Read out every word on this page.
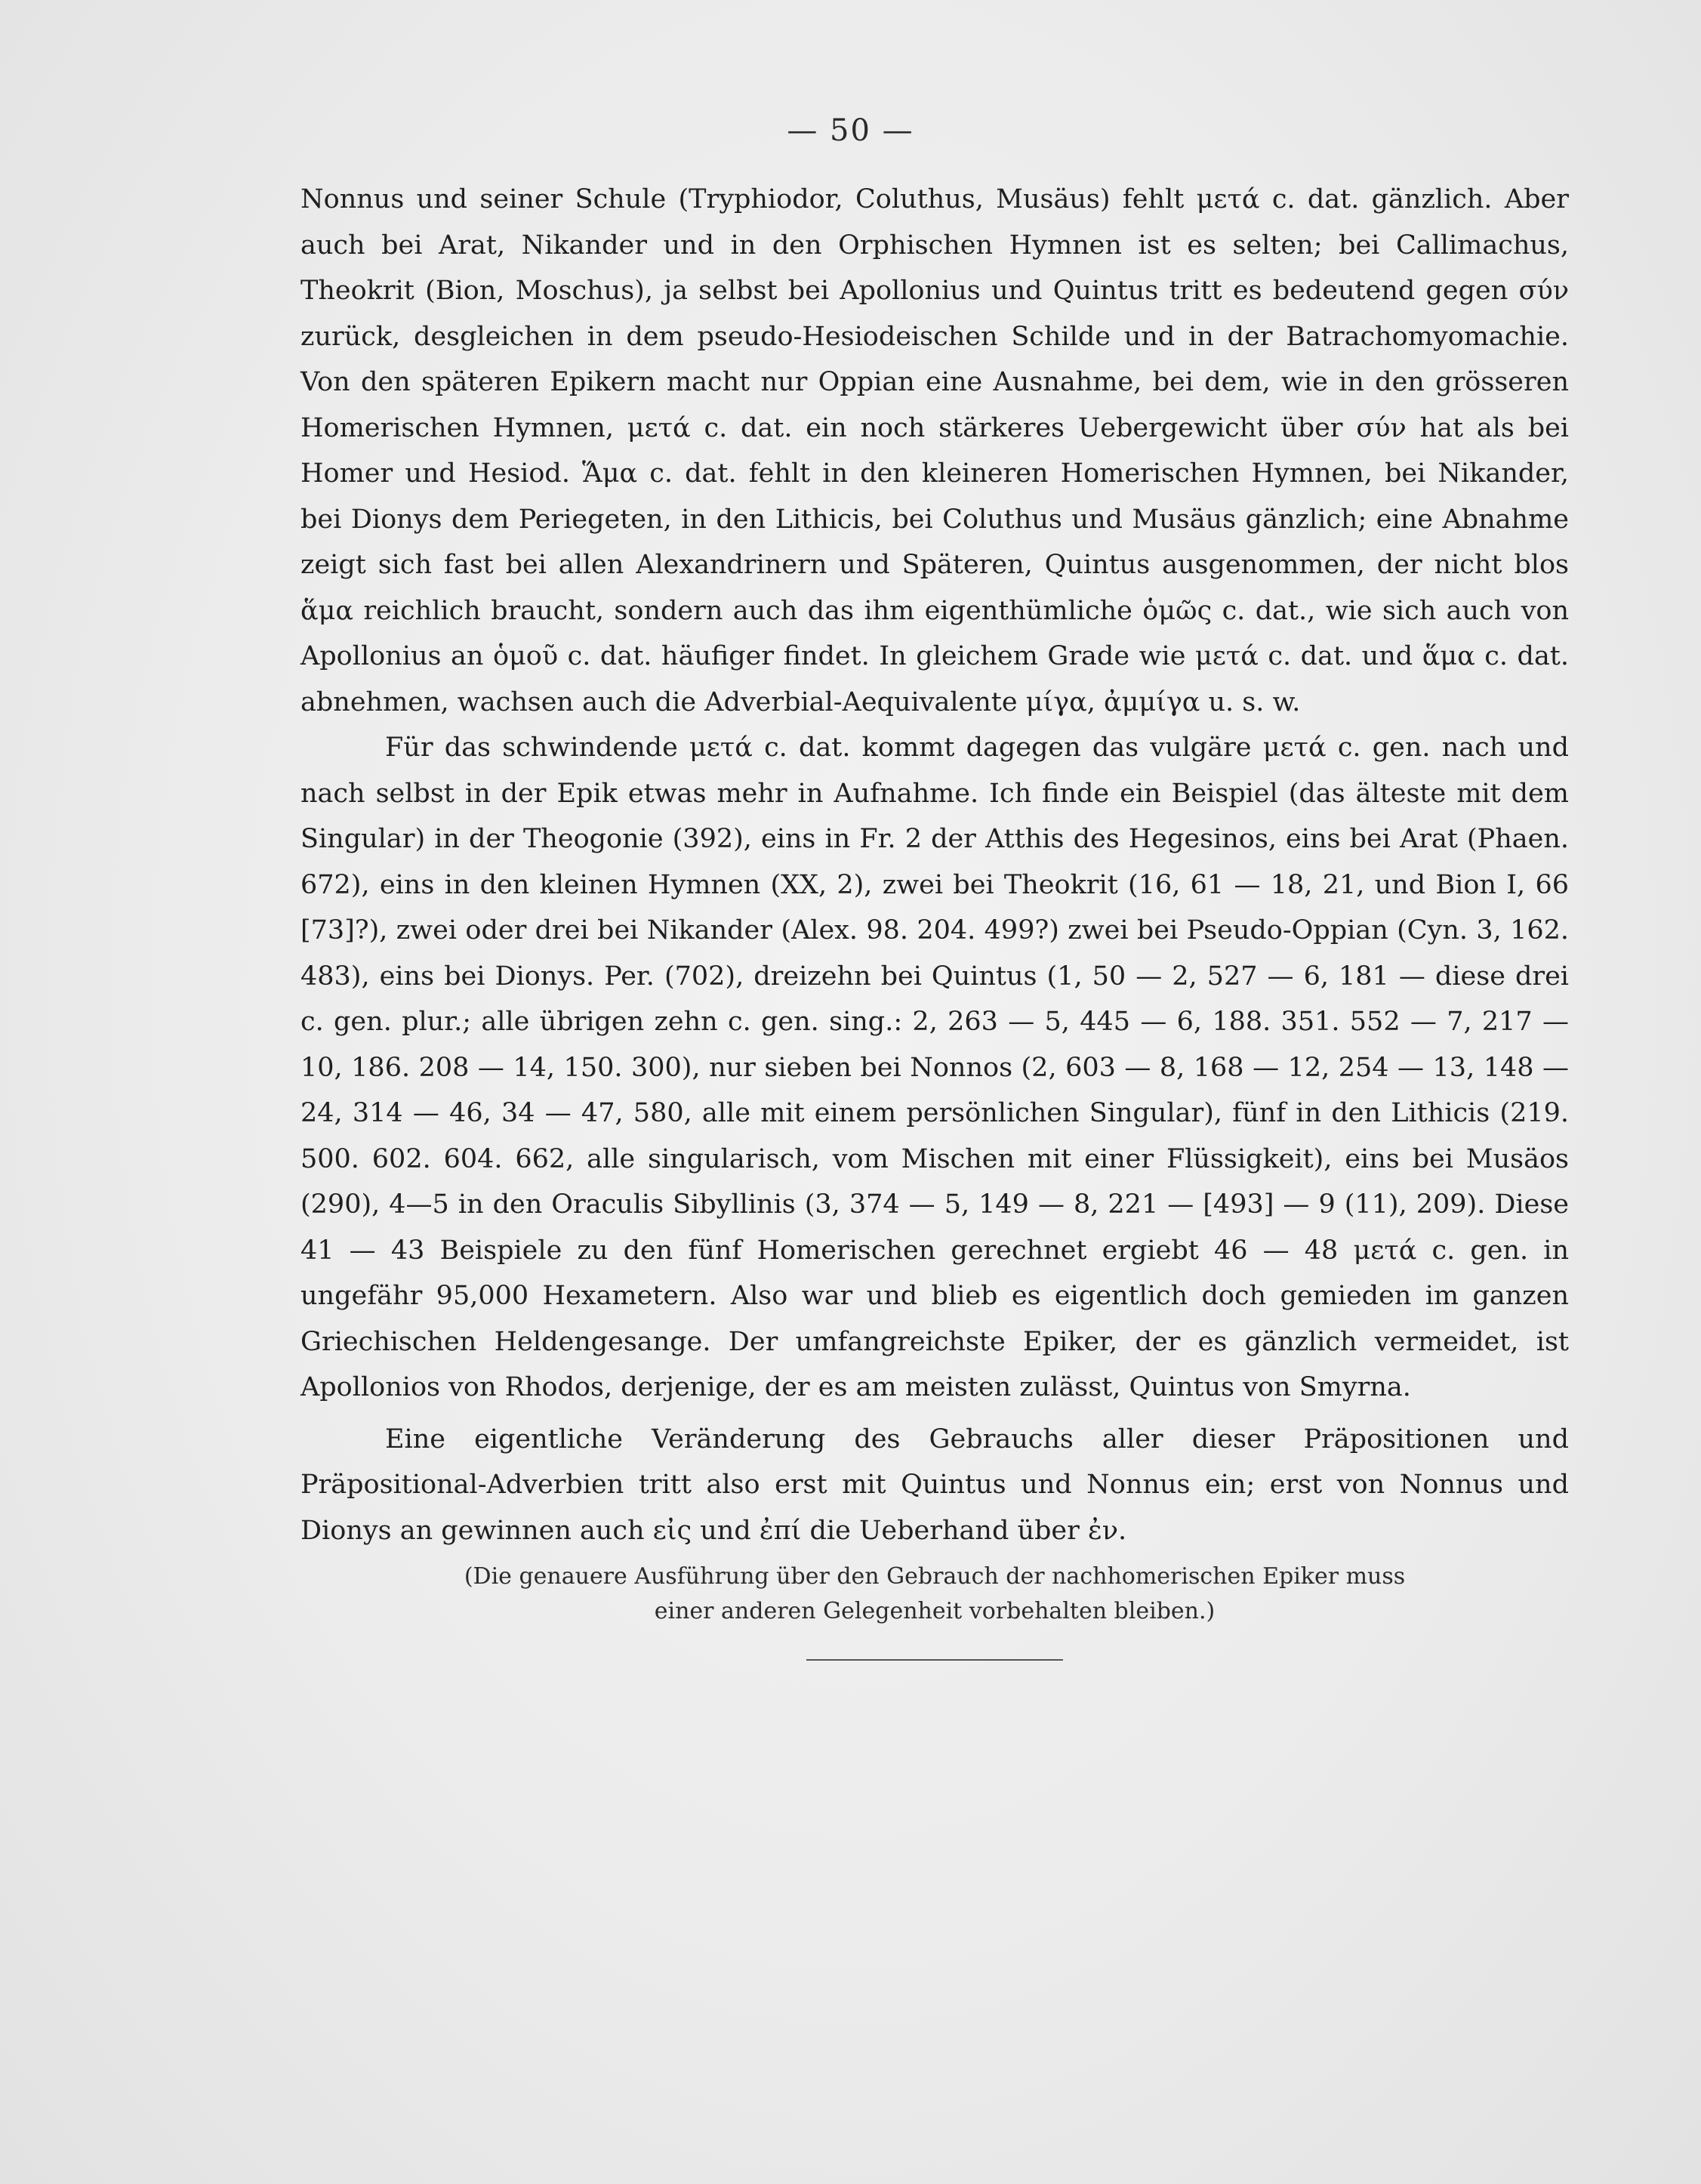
— 50 —

Nonnus und seiner Schule (Tryphiodor, Coluthus, Musäus) fehlt μετά c. dat. gänzlich. Aber auch bei Arat, Nikander und in den Orphischen Hymnen ist es selten; bei Callimachus, Theokrit (Bion, Moschus), ja selbst bei Apollonius und Quintus tritt es bedeutend gegen σύν zurück, desgleichen in dem pseudo-Hesiodeischen Schilde und in der Batrachomyomachie. Von den späteren Epikern macht nur Oppian eine Ausnahme, bei dem, wie in den grösseren Homerischen Hymnen, μετά c. dat. ein noch stärkeres Uebergewicht über σύν hat als bei Homer und Hesiod. Ἅμα c. dat. fehlt in den kleineren Homerischen Hymnen, bei Nikander, bei Dionys dem Periegeten, in den Lithicis, bei Coluthus und Musäus gänzlich; eine Abnahme zeigt sich fast bei allen Alexandrinern und Späteren, Quintus ausgenommen, der nicht blos ἅμα reichlich braucht, sondern auch das ihm eigenthümliche ὁμῶς c. dat., wie sich auch von Apollonius an ὁμοῦ c. dat. häufiger findet. In gleichem Grade wie μετά c. dat. und ἅμα c. dat. abnehmen, wachsen auch die Adverbial-Aequivalente μίγα, ἀμμίγα u. s. w.

Für das schwindende μετά c. dat. kommt dagegen das vulgäre μετά c. gen. nach und nach selbst in der Epik etwas mehr in Aufnahme. Ich finde ein Beispiel (das älteste mit dem Singular) in der Theogonie (392), eins in Fr. 2 der Atthis des Hegesinos, eins bei Arat (Phaen. 672), eins in den kleinen Hymnen (XX, 2), zwei bei Theokrit (16, 61 — 18, 21, und Bion I, 66 [73]?), zwei oder drei bei Nikander (Alex. 98. 204. 499?) zwei bei Pseudo-Oppian (Cyn. 3, 162. 483), eins bei Dionys. Per. (702), dreizehn bei Quintus (1, 50 — 2, 527 — 6, 181 — diese drei c. gen. plur.; alle übrigen zehn c. gen. sing.: 2, 263 — 5, 445 — 6, 188. 351. 552 — 7, 217 — 10, 186. 208 — 14, 150. 300), nur sieben bei Nonnos (2, 603 — 8, 168 — 12, 254 — 13, 148 — 24, 314 — 46, 34 — 47, 580, alle mit einem persönlichen Singular), fünf in den Lithicis (219. 500. 602. 604. 662, alle singularisch, vom Mischen mit einer Flüssigkeit), eins bei Musäos (290), 4—5 in den Oraculis Sibyllinis (3, 374 — 5, 149 — 8, 221 — [493] — 9 (11), 209). Diese 41 — 43 Beispiele zu den fünf Homerischen gerechnet ergiebt 46 — 48 μετά c. gen. in ungefähr 95,000 Hexametern. Also war und blieb es eigentlich doch gemieden im ganzen Griechischen Heldengesange. Der umfangreichste Epiker, der es gänzlich vermeidet, ist Apollonios von Rhodos, derjenige, der es am meisten zulässt, Quintus von Smyrna.

Eine eigentliche Veränderung des Gebrauchs aller dieser Präpositionen und Präpositional-Adverbien tritt also erst mit Quintus und Nonnus ein; erst von Nonnus und Dionys an gewinnen auch εἰς und ἐπί die Ueberhand über ἐν.

(Die genauere Ausführung über den Gebrauch der nachhomerischen Epiker muss
einer anderen Gelegenheit vorbehalten bleiben.)
